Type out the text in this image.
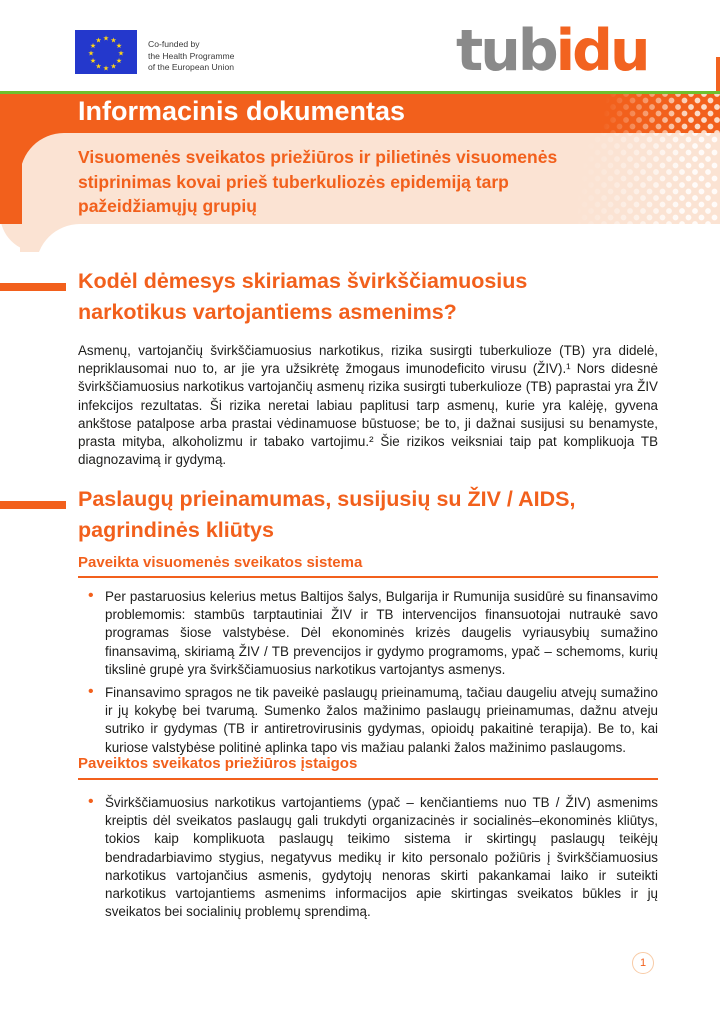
★ ★
★
★
★
★
★
★
★
★
★
★	Co-funded by
the Health Programme
of the European Union	tubidu
Informacinis dokumentas
Visuomenės sveikatos priežiūros ir pilietinės visuomenės stiprinimas kovai prieš tuberkuliozės epidemiją tarp pažeidžiamųjų grupių
Kodėl dėmesys skiriamas švirkščiamuosius narkotikus vartojantiems asmenims?
Asmenų, vartojančių švirkščiamuosius narkotikus, rizika susirgti tuberkulioze (TB) yra didelė, nepriklausomai nuo to, ar jie yra užsikrėtę žmogaus imunodeficito virusu (ŽIV).¹ Nors didesnė švirkščiamuosius narkotikus vartojančių asmenų rizika susirgti tuberkulioze (TB) paprastai yra ŽIV infekcijos rezultatas. Ši rizika neretai labiau paplitusi tarp asmenų, kurie yra kalėję, gyvena ankštose patalpose arba prastai vėdinamuose būstuose; be to, ji dažnai susijusi su benamyste, prasta mityba, alkoholizmu ir tabako vartojimu.² Šie rizikos veiksniai taip pat komplikuoja TB diagnozavimą ir gydymą.
Paslaugų prieinamumas, susijusių su ŽIV / AIDS, pagrindinės kliūtys
Paveikta visuomenės sveikatos sistema
• Per pastaruosius kelerius metus Baltijos šalys, Bulgarija ir Rumunija susidūrė su finansavimo problemomis: stambūs tarptautiniai ŽIV ir TB intervencijos finansuotojai nutraukė savo programas šiose valstybėse. Dėl ekonominės krizės daugelis vyriausybių sumažino finansavimą, skiriamą ŽIV / TB prevencijos ir gydymo programoms, ypač – schemoms, kurių tikslinė grupė yra švirkščiamuosius narkotikus vartojantys asmenys.
• Finansavimo spragos ne tik paveikė paslaugų prieinamumą, tačiau daugeliu atvejų sumažino ir jų kokybę bei tvarumą. Sumenko žalos mažinimo paslaugų prieinamumas, dažnu atveju sutriko ir gydymas (TB ir antiretrovirusinis gydymas, opioidų pakaitinė terapija). Be to, kai kuriose valstybėse politinė aplinka tapo vis mažiau palanki žalos mažinimo paslaugoms.
Paveiktos sveikatos priežiūros įstaigos
• Švirkščiamuosius narkotikus vartojantiems (ypač – kenčiantiems nuo TB / ŽIV) asmenims kreiptis dėl sveikatos paslaugų gali trukdyti organizacinės ir socialinės–ekonominės kliūtys, tokios kaip komplikuota paslaugų teikimo sistema ir skirtingų paslaugų teikėjų bendradarbiavimo stygius, negatyvus medikų ir kito personalo požiūris į švirkščiamuosius narkotikus vartojančius asmenis, gydytojų nenoras skirti pakankamai laiko ir suteikti narkotikus vartojantiems asmenims informacijos apie skirtingas sveikatos būkles ir jų sveikatos bei socialinių problemų sprendimą.
1
